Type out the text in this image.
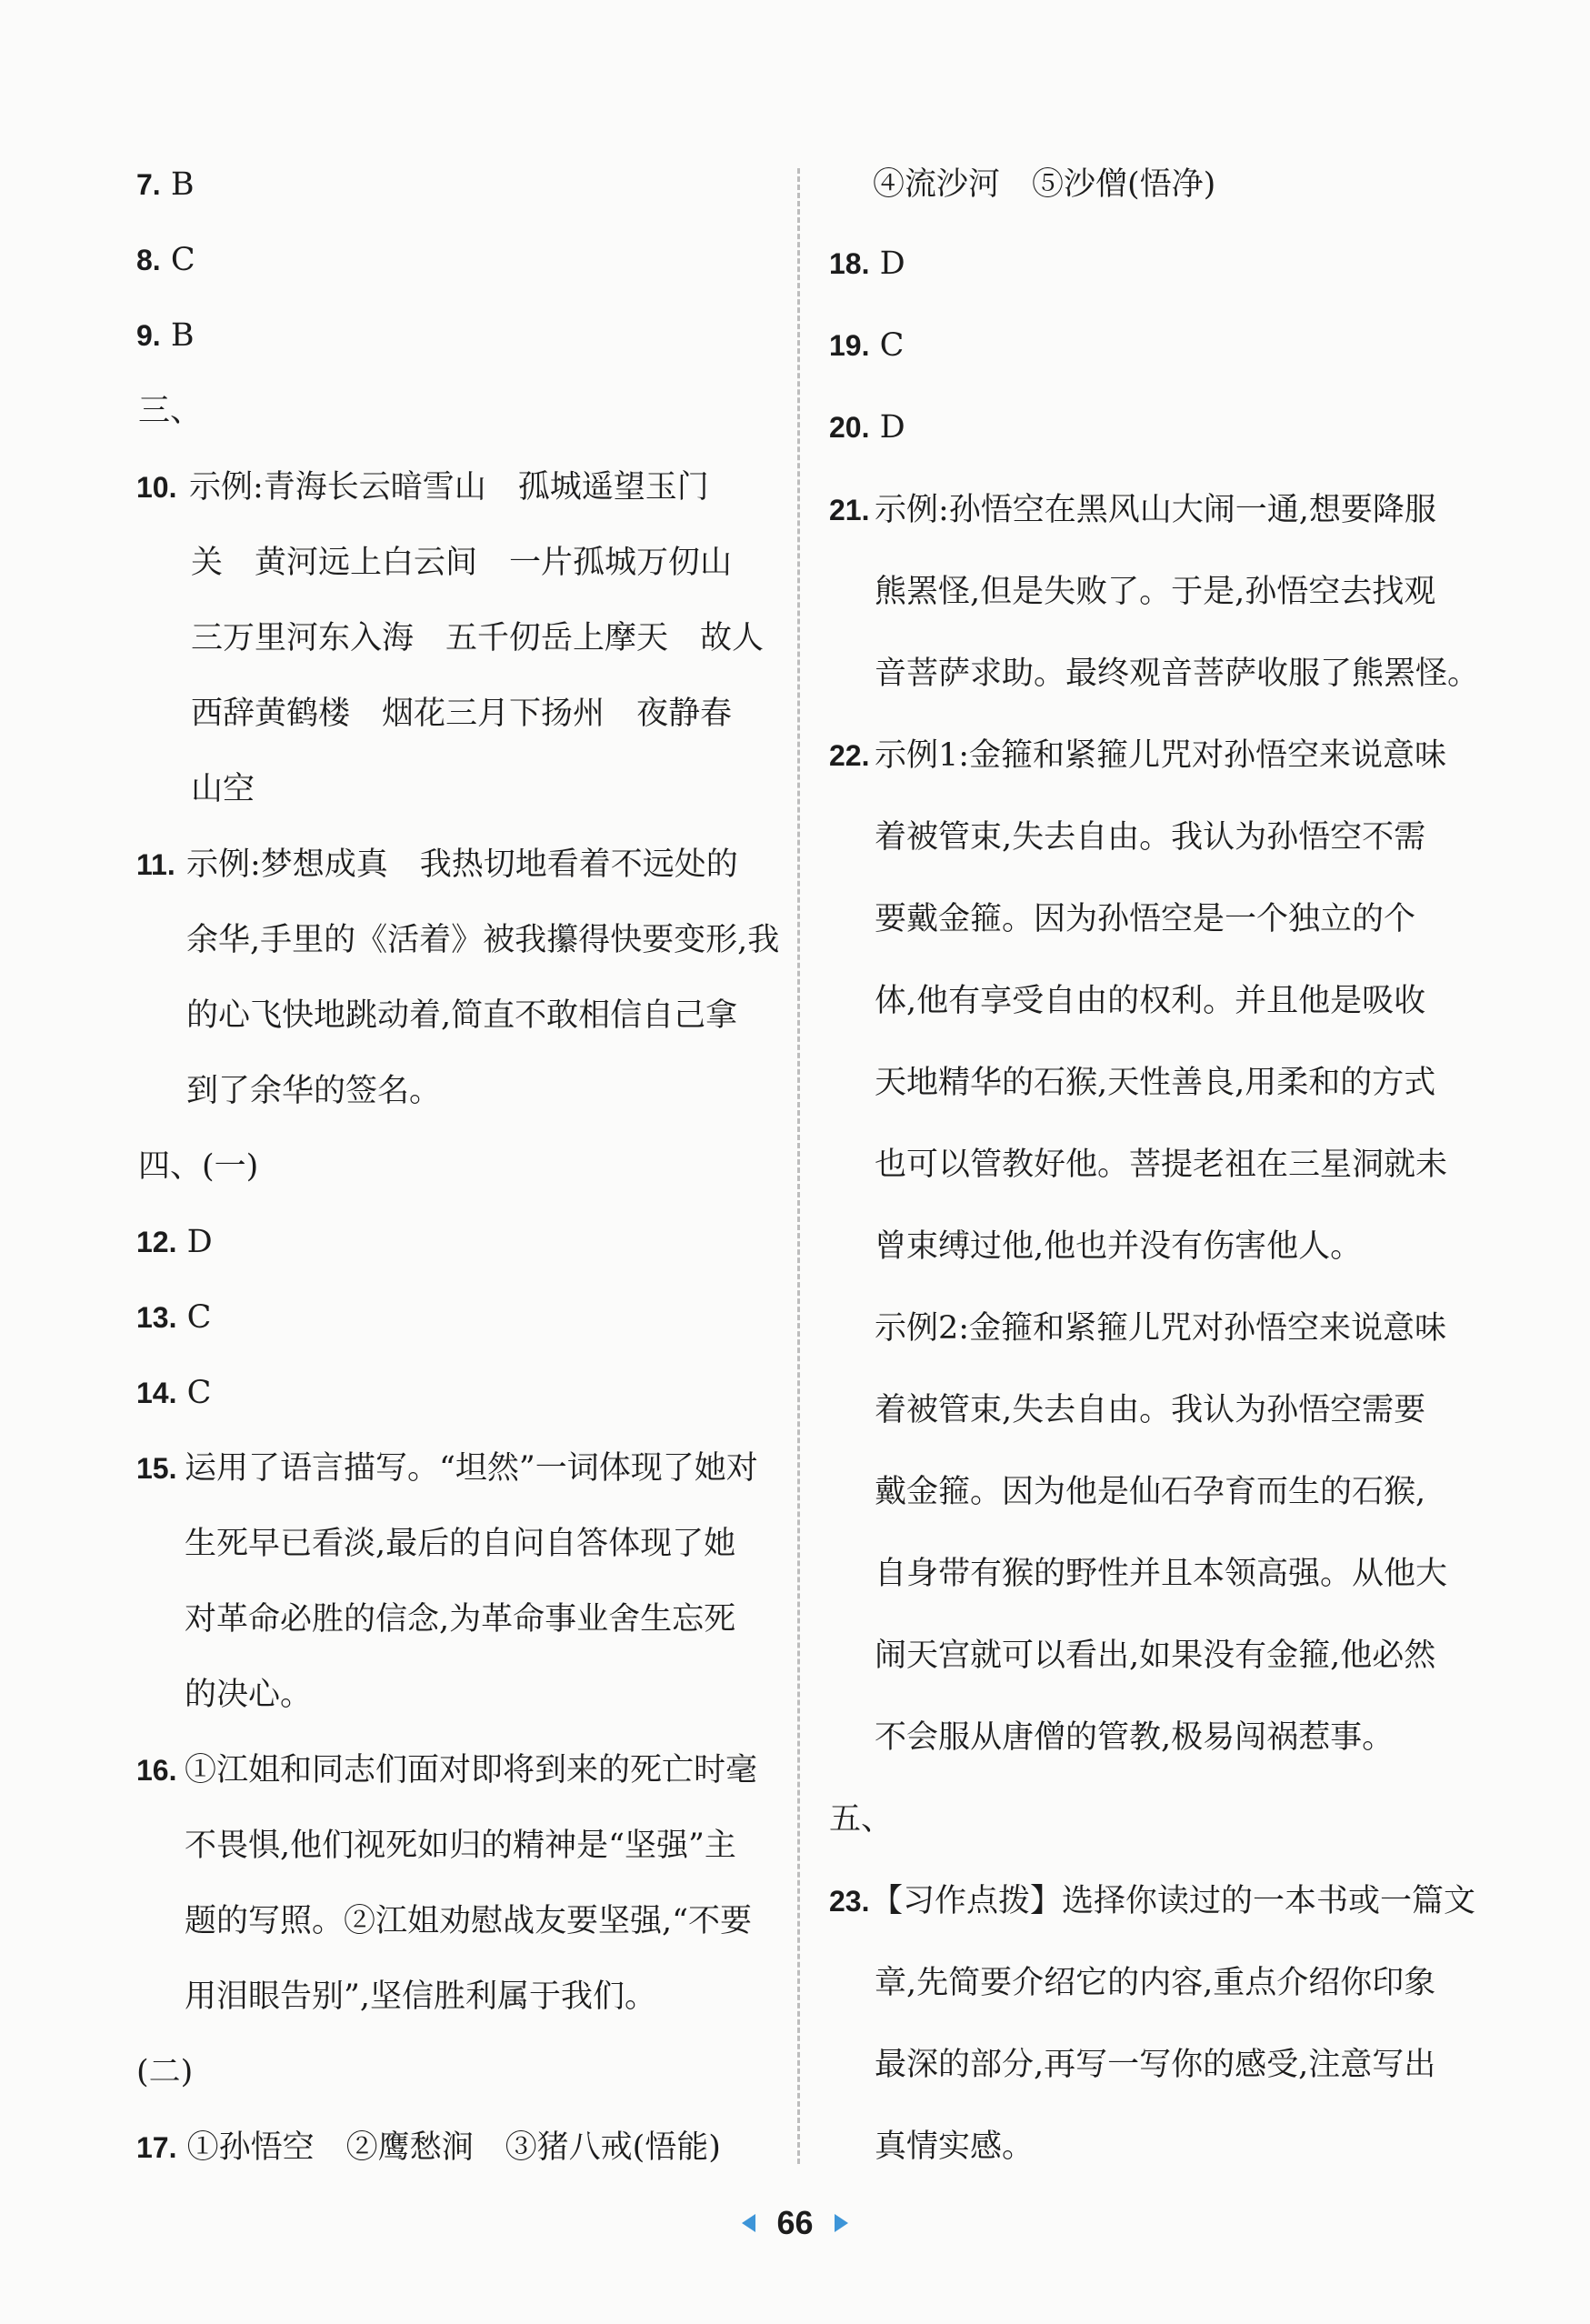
7. B
8. C
9. B
三、
10. 示例:青海长云暗雪山　孤城遥望玉门
关　黄河远上白云间　一片孤城万仞山
三万里河东入海　五千仞岳上摩天　故人
西辞黄鹤楼　烟花三月下扬州　夜静春
山空
11. 示例:梦想成真　我热切地看着不远处的
余华,手里的《活着》被我攥得快要变形,我
的心飞快地跳动着,简直不敢相信自己拿
到了余华的签名。
四、(一)
12. D
13. C
14. C
15. 运用了语言描写。“坦然”一词体现了她对
生死早已看淡,最后的自问自答体现了她
对革命必胜的信念,为革命事业舍生忘死
的决心。
16. ①江姐和同志们面对即将到来的死亡时毫
不畏惧,他们视死如归的精神是“坚强”主
题的写照。②江姐劝慰战友要坚强,“不要
用泪眼告别”,坚信胜利属于我们。
(二)
17. ①孙悟空　②鹰愁涧　③猪八戒(悟能)
④流沙河　⑤沙僧(悟净)
18. D
19. C
20. D
21. 示例:孙悟空在黑风山大闹一通,想要降服
熊罴怪,但是失败了。于是,孙悟空去找观
音菩萨求助。最终观音菩萨收服了熊罴怪。
22. 示例1:金箍和紧箍儿咒对孙悟空来说意味
着被管束,失去自由。我认为孙悟空不需
要戴金箍。因为孙悟空是一个独立的个
体,他有享受自由的权利。并且他是吸收
天地精华的石猴,天性善良,用柔和的方式
也可以管教好他。菩提老祖在三星洞就未
曾束缚过他,他也并没有伤害他人。
示例2:金箍和紧箍儿咒对孙悟空来说意味
着被管束,失去自由。我认为孙悟空需要
戴金箍。因为他是仙石孕育而生的石猴,
自身带有猴的野性并且本领高强。从他大
闹天宫就可以看出,如果没有金箍,他必然
不会服从唐僧的管教,极易闯祸惹事。
五、
23. 【习作点拨】选择你读过的一本书或一篇文
章,先简要介绍它的内容,重点介绍你印象
最深的部分,再写一写你的感受,注意写出
真情实感。
66
